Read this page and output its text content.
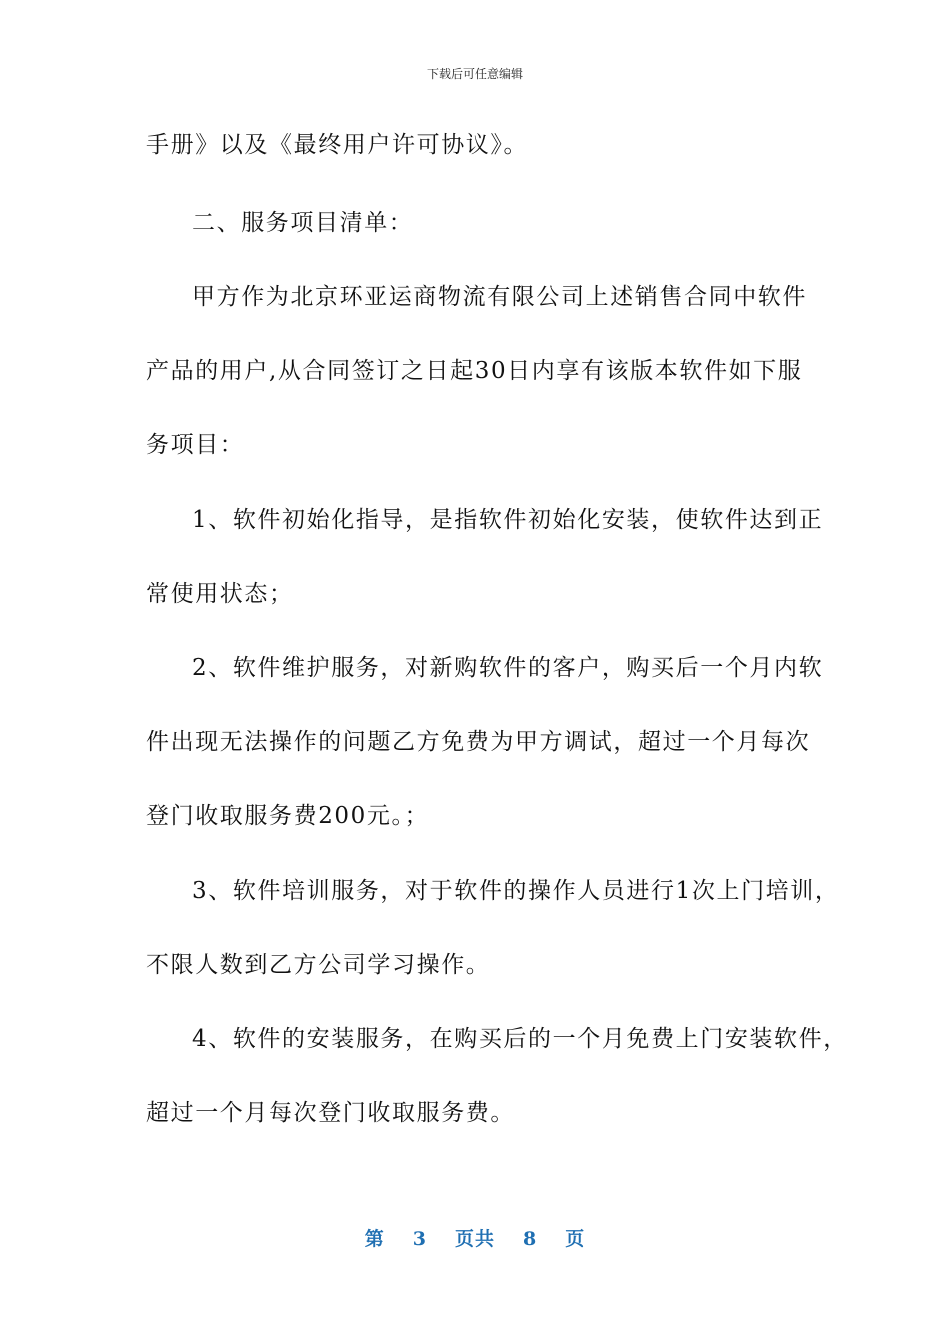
下载后可任意编辑
手册》以及《最终用户许可协议》。
二、服务项目清单：
甲方作为北京环亚运商物流有限公司上述销售合同中软件
产品的用户,从合同签订之日起30日内享有该版本软件如下服
务项目：
1、软件初始化指导，是指软件初始化安装，使软件达到正
常使用状态；
2、软件维护服务，对新购软件的客户，购买后一个月内软
件出现无法操作的问题乙方免费为甲方调试，超过一个月每次
登门收取服务费200元。；
3、软件培训服务，对于软件的操作人员进行1次上门培训，
不限人数到乙方公司学习操作。
4、软件的安装服务，在购买后的一个月免费上门安装软件，
超过一个月每次登门收取服务费。
第 3 页共 8 页
